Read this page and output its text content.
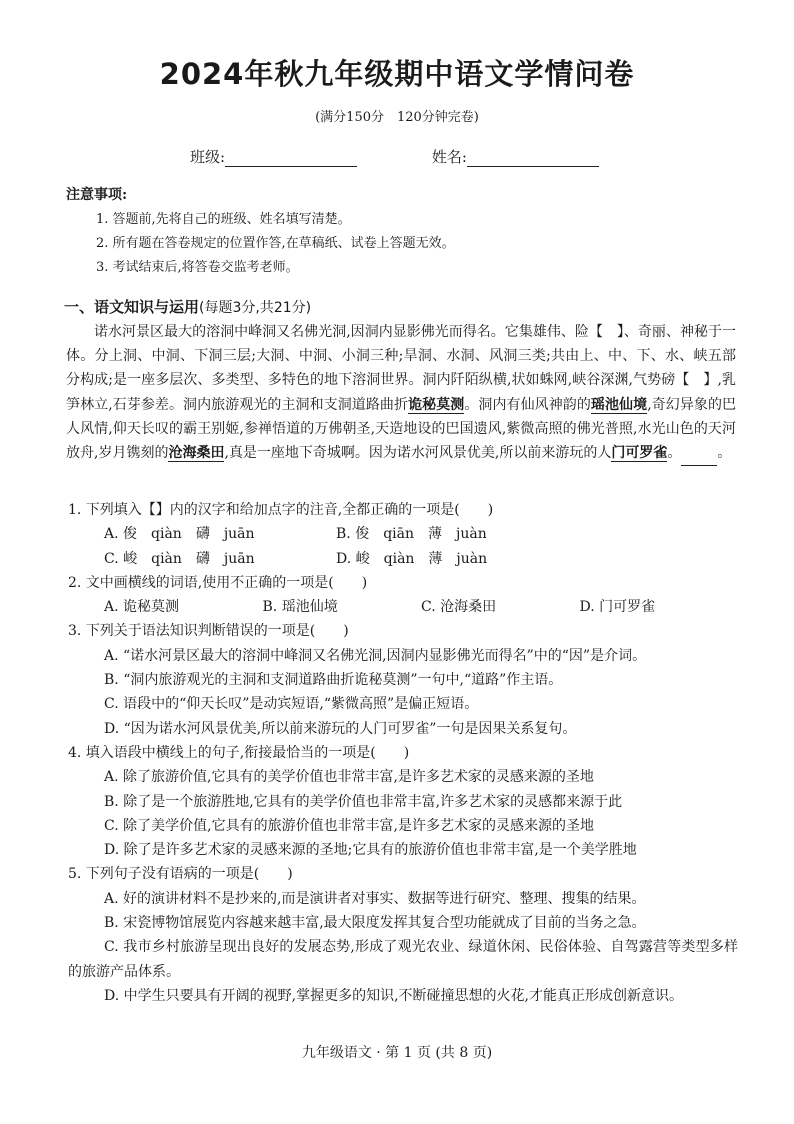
2024年秋九年级期中语文学情问卷
(满分150分　120分钟完卷)
班级:	姓名:
注意事项:
1. 答题前,先将自己的班级、姓名填写清楚。
2. 所有题在答卷规定的位置作答,在草稿纸、试卷上答题无效。
3. 考试结束后,将答卷交监考老师。
一、语文知识与运用(每题3分,共21分)
诺水河景区最大的溶洞中峰洞又名佛光洞,因洞内显影佛光而得名。它集雄伟、险【　】、奇丽、神秘于一体。分上洞、中洞、下洞三层;大洞、中洞、小洞三种;旱洞、水洞、风洞三类;共由上、中、下、水、峡五部分构成;是一座多层次、多类型、多特色的地下溶洞世界。洞内阡陌纵横,状如蛛网,峡谷深渊,气势磅【　】,乳笋林立,石芽参差。洞内旅游观光的主洞和支洞道路曲折诡秘莫测。洞内有仙风神韵的瑶池仙境,奇幻异象的巴人风情,仰天长叹的霸王别姬,参禅悟道的万佛朝圣,天造地设的巴国遗风,紫微高照的佛光普照,水光山色的天河放舟,岁月镌刻的沧海桑田,真是一座地下奇城啊。因为诺水河风景优美,所以前来游玩的人门可罗雀。	。
1. 下列填入【】内的汉字和给加点字的注音,全都正确的一项是(　　)
A. 俊　qiàn　礴　juān	B. 俊　qiān　薄　juàn
C. 峻　qiàn　礴　juān	D. 峻　qiàn　薄　juàn
2. 文中画横线的词语,使用不正确的一项是(　　)
A. 诡秘莫测	B. 瑶池仙境	C. 沧海桑田	D. 门可罗雀
3. 下列关于语法知识判断错误的一项是(　　)
A. “诺水河景区最大的溶洞中峰洞又名佛光洞,因洞内显影佛光而得名”中的“因”是介词。
B. “洞内旅游观光的主洞和支洞道路曲折诡秘莫测”一句中,“道路”作主语。
C. 语段中的“仰天长叹”是动宾短语,“紫微高照”是偏正短语。
D. “因为诺水河风景优美,所以前来游玩的人门可罗雀”一句是因果关系复句。
4. 填入语段中横线上的句子,衔接最恰当的一项是(　　)
A. 除了旅游价值,它具有的美学价值也非常丰富,是许多艺术家的灵感来源的圣地
B. 除了是一个旅游胜地,它具有的美学价值也非常丰富,许多艺术家的灵感都来源于此
C. 除了美学价值,它具有的旅游价值也非常丰富,是许多艺术家的灵感来源的圣地
D. 除了是许多艺术家的灵感来源的圣地;它具有的旅游价值也非常丰富,是一个美学胜地
5. 下列句子没有语病的一项是(　　)
A. 好的演讲材料不是抄来的,而是演讲者对事实、数据等进行研究、整理、搜集的结果。
B. 宋瓷博物馆展览内容越来越丰富,最大限度发挥其复合型功能就成了目前的当务之急。
C. 我市乡村旅游呈现出良好的发展态势,形成了观光农业、绿道休闲、民俗体验、自驾露营等类型多样的旅游产品体系。
D. 中学生只要具有开阔的视野,掌握更多的知识,不断碰撞思想的火花,才能真正形成创新意识。
九年级语文 · 第 1 页 (共 8 页)
